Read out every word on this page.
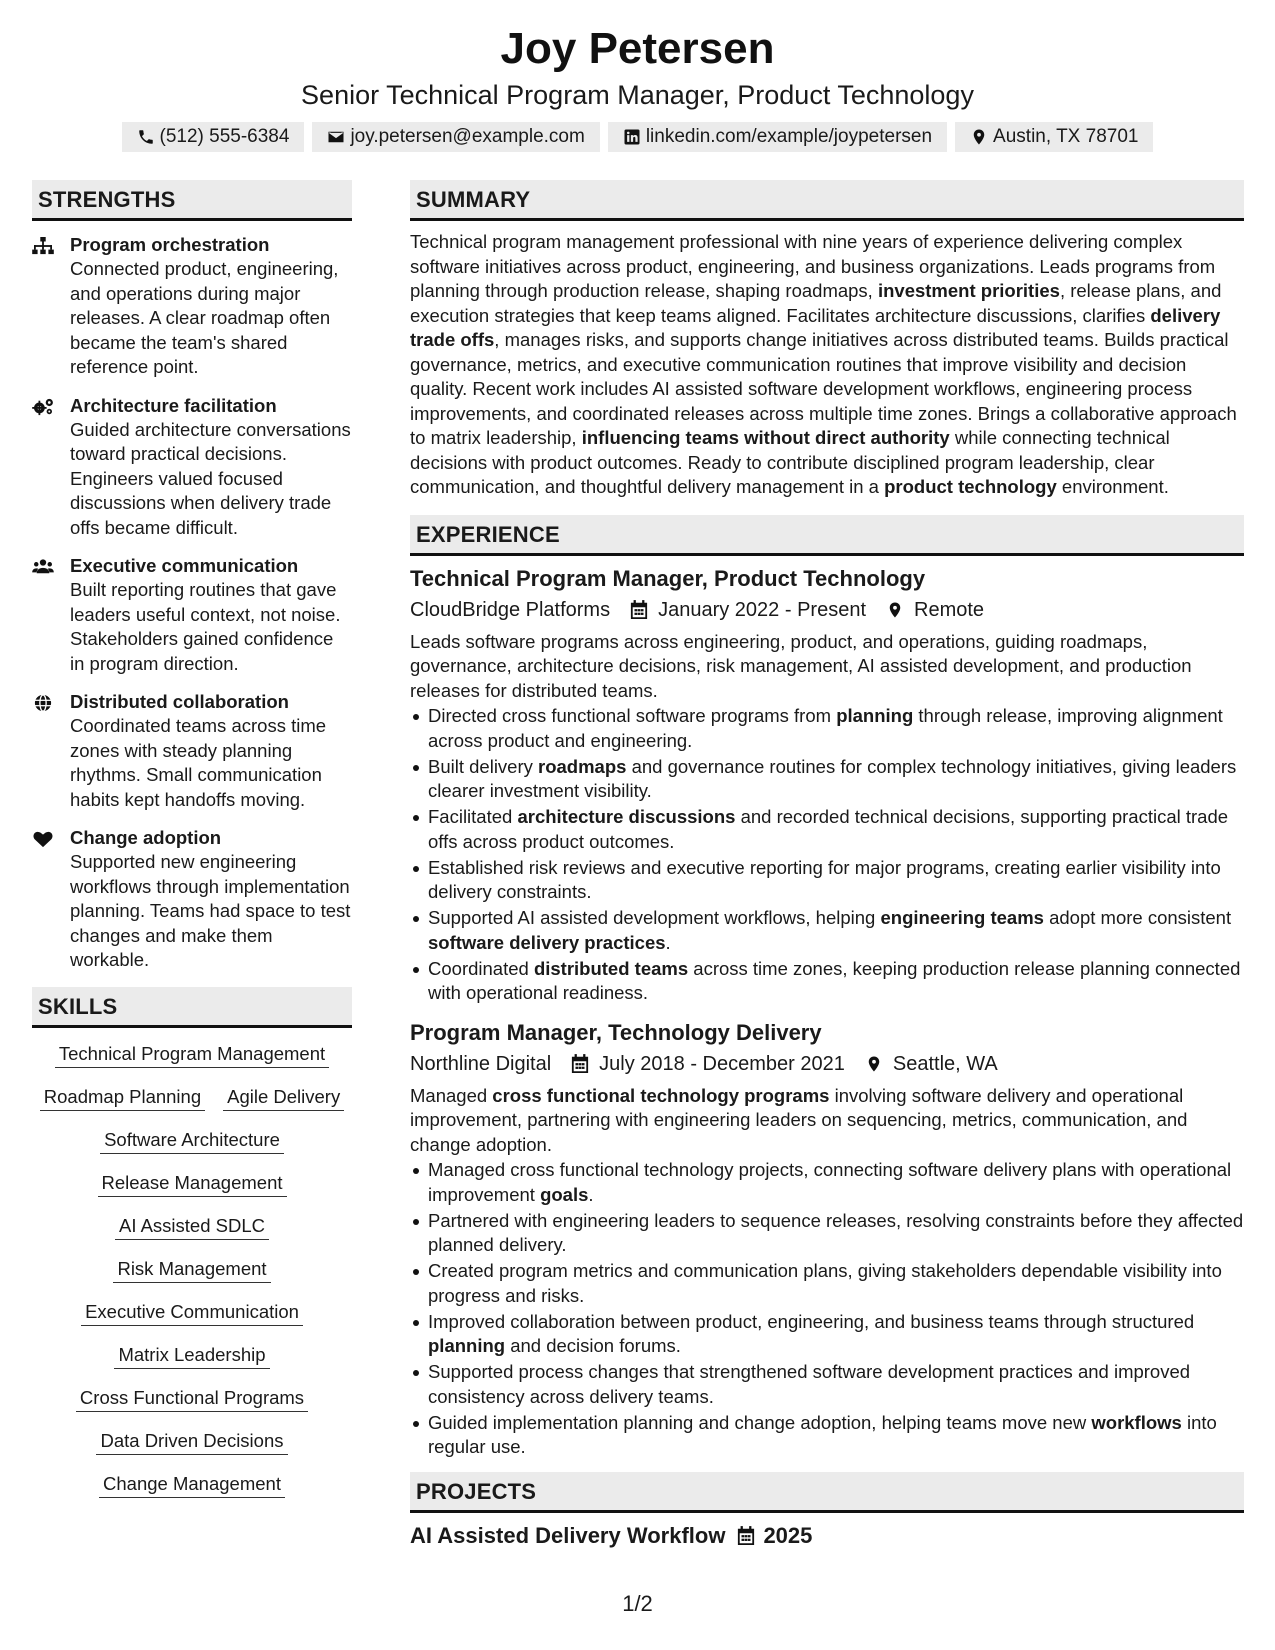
Joy Petersen
Senior Technical Program Manager, Product Technology
(512) 555-6384	joy.petersen@example.com	linkedin.com/example/joypetersen	Austin, TX 78701
STRENGTHS
Program orchestration
Connected product, engineering, and operations during major releases. A clear roadmap often became the team's shared reference point.
Architecture facilitation
Guided architecture conversations toward practical decisions. Engineers valued focused discussions when delivery trade offs became difficult.
Executive communication
Built reporting routines that gave leaders useful context, not noise. Stakeholders gained confidence in program direction.
Distributed collaboration
Coordinated teams across time zones with steady planning rhythms. Small communication habits kept handoffs moving.
Change adoption
Supported new engineering workflows through implementation planning. Teams had space to test changes and make them workable.
SKILLS
Technical Program Management
Roadmap Planning Agile Delivery
Software Architecture
Release Management
AI Assisted SDLC
Risk Management
Executive Communication
Matrix Leadership
Cross Functional Programs
Data Driven Decisions
Change Management
SUMMARY
Technical program management professional with nine years of experience delivering complex software initiatives across product, engineering, and business organizations. Leads programs from planning through production release, shaping roadmaps, investment priorities, release plans, and execution strategies that keep teams aligned. Facilitates architecture discussions, clarifies delivery trade offs, manages risks, and supports change initiatives across distributed teams. Builds practical governance, metrics, and executive communication routines that improve visibility and decision quality. Recent work includes AI assisted software development workflows, engineering process improvements, and coordinated releases across multiple time zones. Brings a collaborative approach to matrix leadership, influencing teams without direct authority while connecting technical decisions with product outcomes. Ready to contribute disciplined program leadership, clear communication, and thoughtful delivery management in a product technology environment.
EXPERIENCE
Technical Program Manager, Product Technology
CloudBridge Platforms January 2022 - Present Remote
Leads software programs across engineering, product, and operations, guiding roadmaps, governance, architecture decisions, risk management, AI assisted development, and production releases for distributed teams.
Directed cross functional software programs from planning through release, improving alignment across product and engineering.
Built delivery roadmaps and governance routines for complex technology initiatives, giving leaders clearer investment visibility.
Facilitated architecture discussions and recorded technical decisions, supporting practical trade offs across product outcomes.
Established risk reviews and executive reporting for major programs, creating earlier visibility into delivery constraints.
Supported AI assisted development workflows, helping engineering teams adopt more consistent software delivery practices.
Coordinated distributed teams across time zones, keeping production release planning connected with operational readiness.
Program Manager, Technology Delivery
Northline Digital July 2018 - December 2021 Seattle, WA
Managed cross functional technology programs involving software delivery and operational improvement, partnering with engineering leaders on sequencing, metrics, communication, and change adoption.
Managed cross functional technology projects, connecting software delivery plans with operational improvement goals.
Partnered with engineering leaders to sequence releases, resolving constraints before they affected planned delivery.
Created program metrics and communication plans, giving stakeholders dependable visibility into progress and risks.
Improved collaboration between product, engineering, and business teams through structured planning and decision forums.
Supported process changes that strengthened software development practices and improved consistency across delivery teams.
Guided implementation planning and change adoption, helping teams move new workflows into regular use.
PROJECTS
AI Assisted Delivery Workflow 2025
1/2
